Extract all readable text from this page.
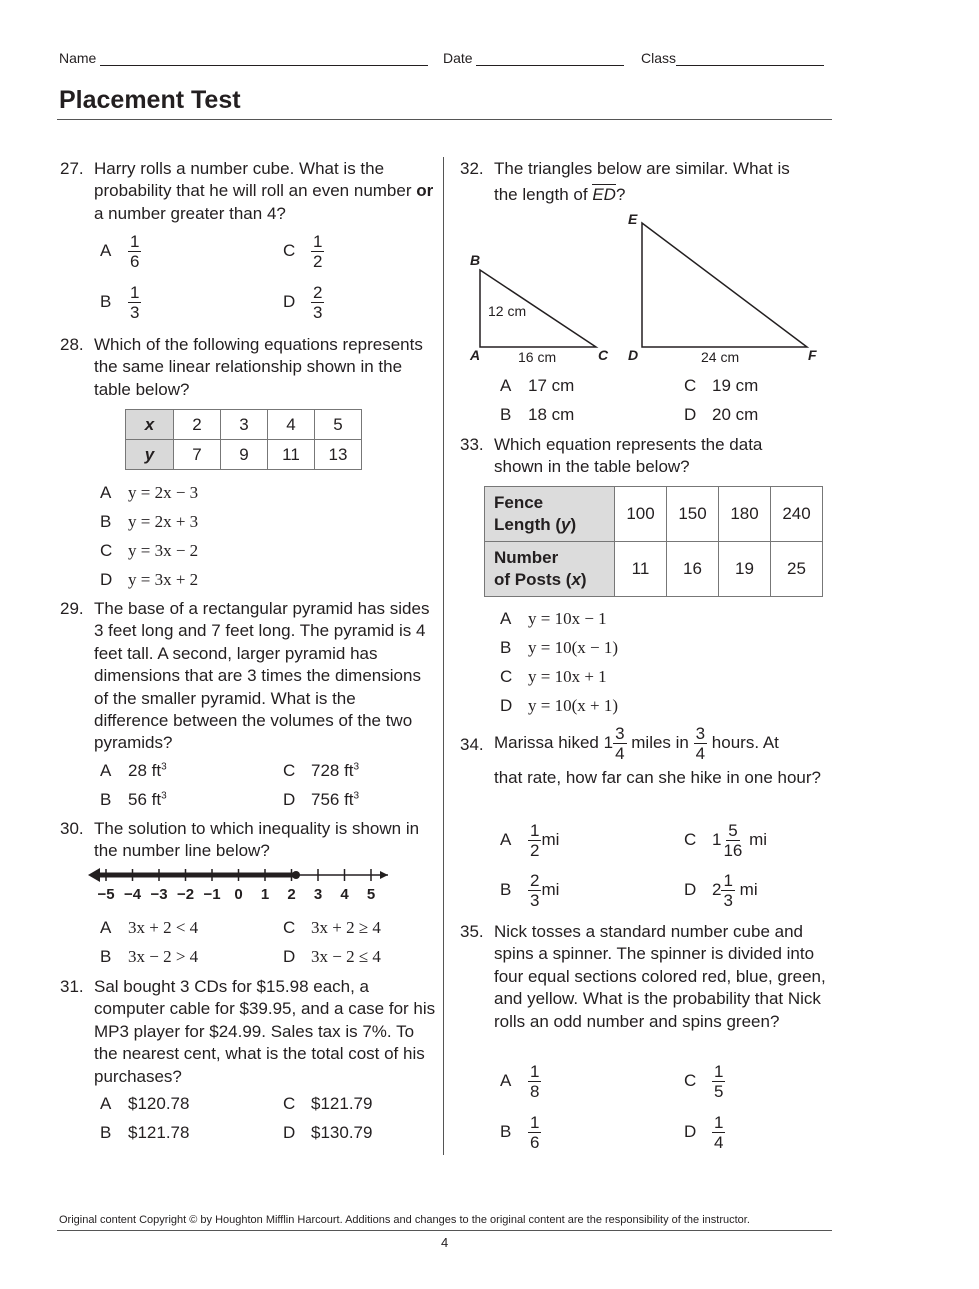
Name	Date	Class
Placement Test
27. Harry rolls a number cube. What is the probability that he will roll an even number or a number greater than 4?
A $\frac{1}{6}$	C $\frac{1}{2}$
B $\frac{1}{3}$	D $\frac{2}{3}$
28. Which of the following equations represents the same linear relationship shown in the table below?
x	2	3	4	5
y	7	9	11	13
A y = 2x − 3
B y = 2x + 3
C y = 3x − 2
D y = 3x + 2
29. The base of a rectangular pyramid has sides 3 feet long and 7 feet long. The pyramid is 4 feet tall. A second, larger pyramid has dimensions that are 3 times the dimensions of the smaller pyramid. What is the difference between the volumes of the two pyramids?
A 28 $ft^3$	C 728 $ft^3$
B 56 $ft^3$	D 756 $ft^3$
30. The solution to which inequality is shown in the number line below?
−5 −4 −3 −2 −1 0 1 2 3 4 5
A 3x + 2 < 4	C 3x + 2 ≥ 4
B 3x − 2 > 4	D 3x − 2 ≤ 4
31. Sal bought 3 CDs for $15.98 each, a computer cable for $39.95, and a case for his MP3 player for $24.99. Sales tax is 7%. To the nearest cent, what is the total cost of his purchases?
A $120.78	C $121.79
B $121.78	D $130.79
32. The triangles below are similar. What is
the length of ED?
B
A	C
12 cm
16 cm
E
D	F
24 cm
A 17 cm	C 19 cm
B 18 cm	D 20 cm
33. Which equation represents the data shown in the table below?
Fence
Length (y)	100	150	180	240
Number
of Posts (x)	11	16	19	25
A y = 10x − 1
B y = 10(x − 1)
C y = 10x + 1
D y = 10(x + 1)
34. Marissa hiked $1 \frac{3}{4}$ miles in $\frac{3}{4}$ hours. At
that rate, how far can she hike in one hour?
A $\frac{1}{2}$ mi	C $1 \frac{5}{16}$ mi
B $\frac{2}{3}$ mi	D $2 \frac{1}{3}$ mi
35. Nick tosses a standard number cube and spins a spinner. The spinner is divided into four equal sections colored red, blue, green, and yellow. What is the probability that Nick rolls an odd number and spins green?
A $\frac{1}{8}$	C $\frac{1}{5}$
B $\frac{1}{6}$	D $\frac{1}{4}$
Original content Copyright © by Houghton Mifflin Harcourt. Additions and changes to the original content are the responsibility of the instructor.
4
